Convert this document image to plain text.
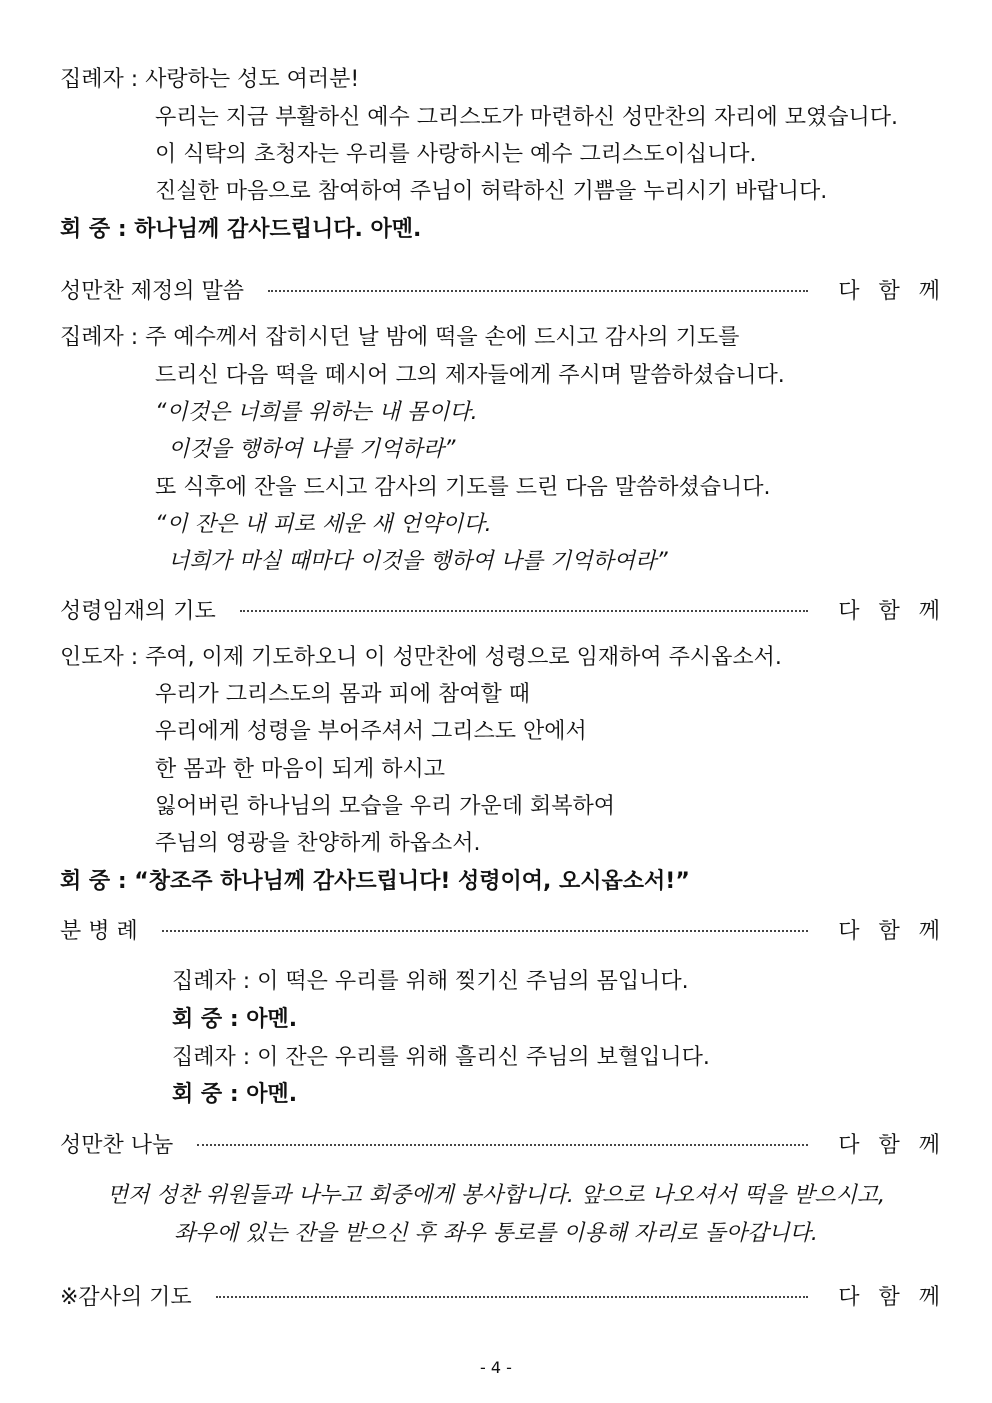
집례자 : 사랑하는 성도 여러분!
우리는 지금 부활하신 예수 그리스도가 마련하신 성만찬의 자리에 모였습니다.
이 식탁의 초청자는 우리를 사랑하시는 예수 그리스도이십니다.
진실한 마음으로 참여하여 주님이 허락하신 기쁨을 누리시기 바랍니다.
회 중 : 하나님께 감사드립니다. 아멘.
성만찬 제정의 말씀	다 함 께
집례자 : 주 예수께서 잡히시던 날 밤에 떡을 손에 드시고 감사의 기도를
드리신 다음 떡을 떼시어 그의 제자들에게 주시며 말씀하셨습니다.
“이것은 너희를 위하는 내 몸이다.
이것을 행하여 나를 기억하라”
또 식후에 잔을 드시고 감사의 기도를 드린 다음 말씀하셨습니다.
“이 잔은 내 피로 세운 새 언약이다.
너희가 마실 때마다 이것을 행하여 나를 기억하여라”
성령임재의 기도	다 함 께
인도자 : 주여, 이제 기도하오니 이 성만찬에 성령으로 임재하여 주시옵소서.
우리가 그리스도의 몸과 피에 참여할 때
우리에게 성령을 부어주셔서 그리스도 안에서
한 몸과 한 마음이 되게 하시고
잃어버린 하나님의 모습을 우리 가운데 회복하여
주님의 영광을 찬양하게 하옵소서.
회 중 : “창조주 하나님께 감사드립니다! 성령이여, 오시옵소서!”
분 병 례	다 함 께
집례자 : 이 떡은 우리를 위해 찢기신 주님의 몸입니다.
회 중 : 아멘.
집례자 : 이 잔은 우리를 위해 흘리신 주님의 보혈입니다.
회 중 : 아멘.
성만찬 나눔	다 함 께
먼저 성찬 위원들과 나누고 회중에게 봉사합니다. 앞으로 나오셔서 떡을 받으시고,
좌우에 있는 잔을 받으신 후 좌우 통로를 이용해 자리로 돌아갑니다.
※감사의 기도	다 함 께
- 4 -
